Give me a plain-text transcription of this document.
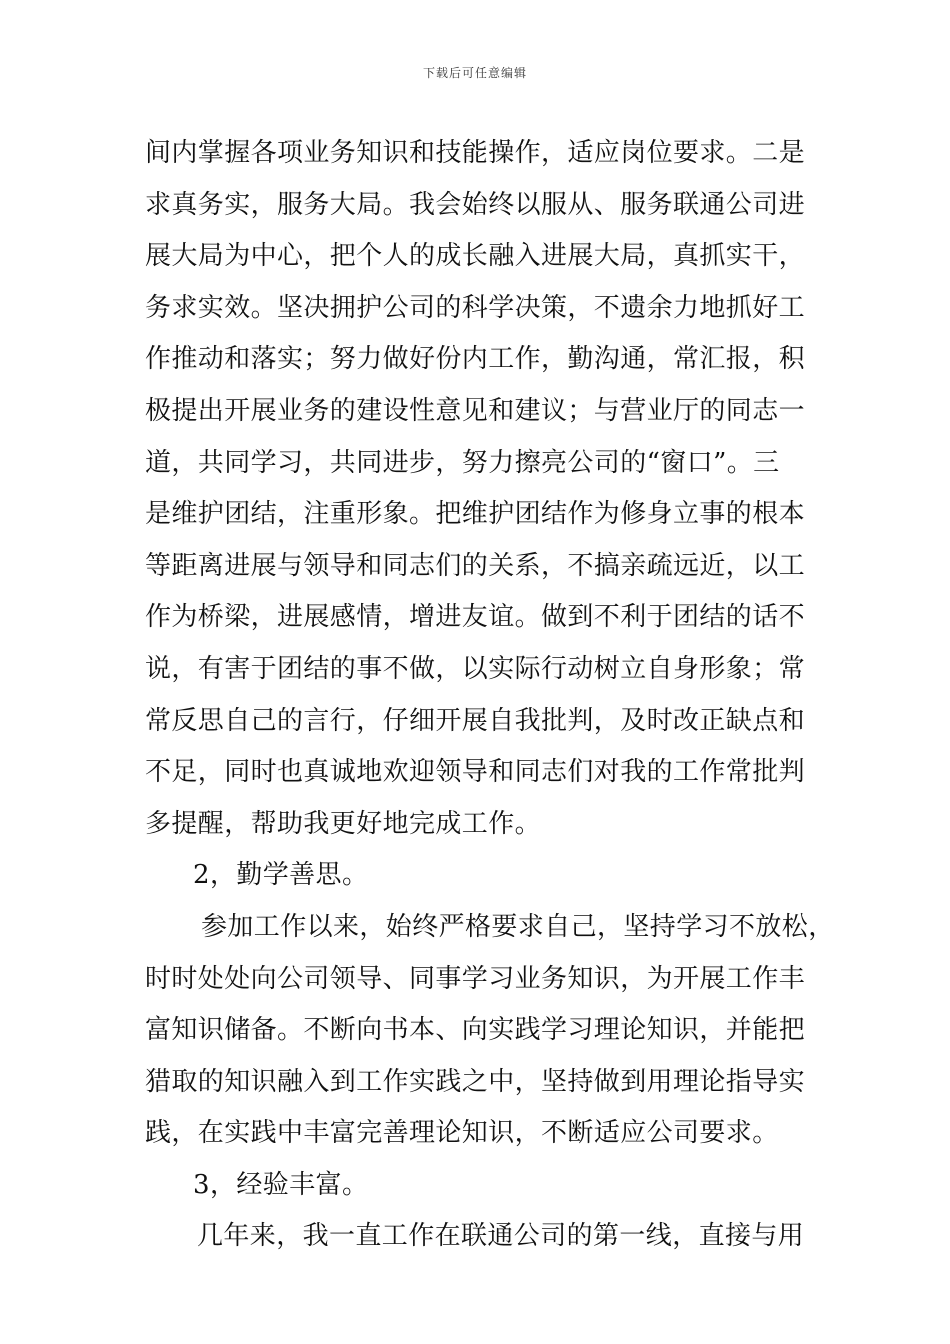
下载后可任意编辑
间内掌握各项业务知识和技能操作，适应岗位要求。二是
求真务实，服务大局。我会始终以服从、服务联通公司进
展大局为中心，把个人的成长融入进展大局，真抓实干，
务求实效。坚决拥护公司的科学决策，不遗余力地抓好工
作推动和落实；努力做好份内工作，勤沟通，常汇报，积
极提出开展业务的建设性意见和建议；与营业厅的同志一
道，共同学习，共同进步，努力擦亮公司的“窗口”。三
是维护团结，注重形象。把维护团结作为修身立事的根本
等距离进展与领导和同志们的关系，不搞亲疏远近，以工
作为桥梁，进展感情，增进友谊。做到不利于团结的话不
说，有害于团结的事不做，以实际行动树立自身形象；常
常反思自己的言行，仔细开展自我批判，及时改正缺点和
不足，同时也真诚地欢迎领导和同志们对我的工作常批判
多提醒，帮助我更好地完成工作。
2，勤学善思。
参加工作以来，始终严格要求自己，坚持学习不放松，
时时处处向公司领导、同事学习业务知识，为开展工作丰
富知识储备。不断向书本、向实践学习理论知识，并能把
猎取的知识融入到工作实践之中，坚持做到用理论指导实
践，在实践中丰富完善理论知识，不断适应公司要求。
3，经验丰富。
几年来，我一直工作在联通公司的第一线，直接与用
